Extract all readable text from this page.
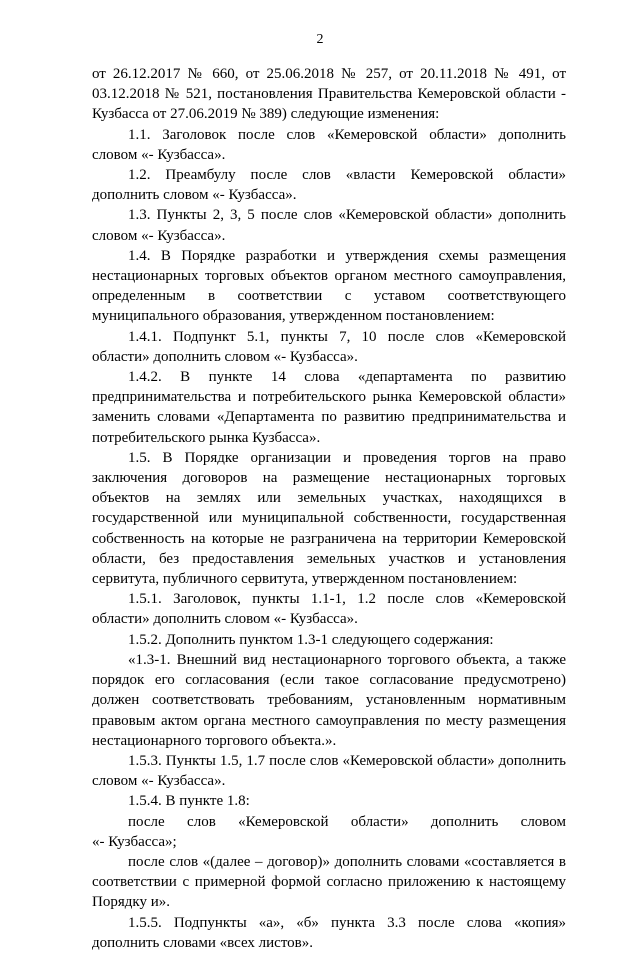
2

от 26.12.2017 № 660, от 25.06.2018 № 257, от 20.11.2018 № 491, от 03.12.2018 № 521, постановления Правительства Кемеровской области - Кузбасса от 27.06.2019 № 389) следующие изменения:

1.1. Заголовок после слов «Кемеровской области» дополнить словом «- Кузбасса».

1.2. Преамбулу после слов «власти Кемеровской области» дополнить словом «- Кузбасса».

1.3. Пункты 2, 3, 5 после слов «Кемеровской области» дополнить словом «- Кузбасса».

1.4. В Порядке разработки и утверждения схемы размещения нестационарных торговых объектов органом местного самоуправления, определенным в соответствии с уставом соответствующего муниципального образования, утвержденном постановлением:

1.4.1. Подпункт 5.1, пункты 7, 10 после слов «Кемеровской области» дополнить словом «- Кузбасса».

1.4.2. В пункте 14 слова «департамента по развитию предпринимательства и потребительского рынка Кемеровской области» заменить словами «Департамента по развитию предпринимательства и потребительского рынка Кузбасса».

1.5. В Порядке организации и проведения торгов на право заключения договоров на размещение нестационарных торговых объектов на землях или земельных участках, находящихся в государственной или муниципальной собственности, государственная собственность на которые не разграничена на территории Кемеровской области, без предоставления земельных участков и установления сервитута, публичного сервитута, утвержденном постановлением:

1.5.1. Заголовок, пункты 1.1-1, 1.2 после слов «Кемеровской области» дополнить словом «- Кузбасса».

1.5.2. Дополнить пунктом 1.3-1 следующего содержания:

«1.3-1. Внешний вид нестационарного торгового объекта, а также порядок его согласования (если такое согласование предусмотрено) должен соответствовать требованиям, установленным нормативным правовым актом органа местного самоуправления по месту размещения нестационарного торгового объекта.».

1.5.3. Пункты 1.5, 1.7 после слов «Кемеровской области» дополнить словом «- Кузбасса».

1.5.4. В пункте 1.8:

после слов «Кемеровской области» дополнить словом

«- Кузбасса»;

после слов «(далее – договор)» дополнить словами «составляется в соответствии с примерной формой согласно приложению к настоящему Порядку и».

1.5.5. Подпункты «а», «б» пункта 3.3 после слова «копия» дополнить словами «всех листов».
